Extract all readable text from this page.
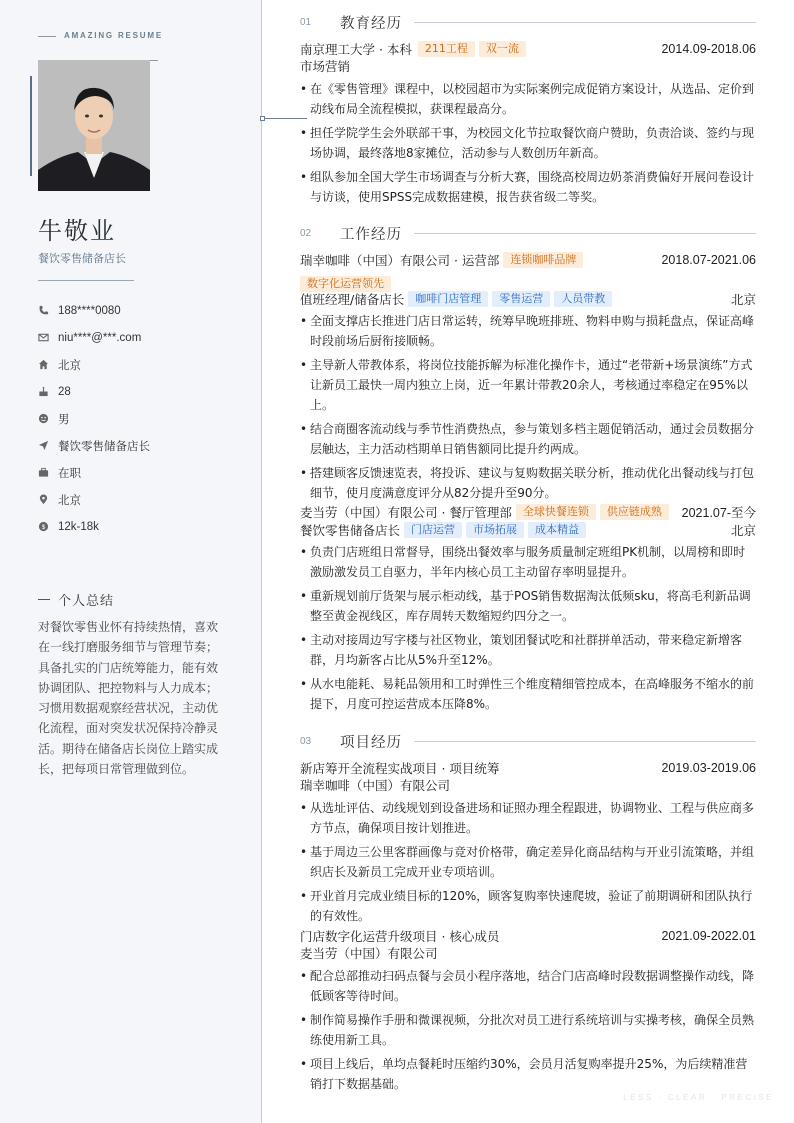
AMAZING RESUME
牛敬业
餐饮零售储备店长
188****0080
niu****@***.com
北京
28
男
餐饮零售储备店长
在职
北京
$ 12k-18k
个人总结
对餐饮零售业怀有持续热情，喜欢在一线打磨服务细节与管理节奏；具备扎实的门店统筹能力，能有效协调团队、把控物料与人力成本；习惯用数据观察经营状况，主动优化流程，面对突发状况保持冷静灵活。期待在储备店长岗位上踏实成长，把每项日常管理做到位。
01	教育经历
南京理工大学 · 本科	211工程	双一流	2014.09-2018.06
市场营销
• 在《零售管理》课程中，以校园超市为实际案例完成促销方案设计，从选品、定价到动线布局全流程模拟，获课程最高分。
• 担任学院学生会外联部干事，为校园文化节拉取餐饮商户赞助，负责洽谈、签约与现场协调，最终落地8家摊位，活动参与人数创历年新高。
• 组队参加全国大学生市场调查与分析大赛，围绕高校周边奶茶消费偏好开展问卷设计与访谈，使用SPSS完成数据建模，报告获省级二等奖。
02	工作经历
瑞幸咖啡（中国）有限公司 · 运营部	连锁咖啡品牌	2018.07-2021.06
数字化运营领先
值班经理/储备店长	咖啡门店管理	零售运营	人员带教	北京
• 全面支撑店长推进门店日常运转，统筹早晚班排班、物料申购与损耗盘点，保证高峰时段前场后厨衔接顺畅。
• 主导新人带教体系，将岗位技能拆解为标准化操作卡，通过“老带新+场景演练”方式让新员工最快一周内独立上岗，近一年累计带教20余人，考核通过率稳定在95%以上。
• 结合商圈客流动线与季节性消费热点，参与策划多档主题促销活动，通过会员数据分层触达，主力活动档期单日销售额同比提升约两成。
• 搭建顾客反馈速览表，将投诉、建议与复购数据关联分析，推动优化出餐动线与打包细节，使月度满意度评分从82分提升至90分。
麦当劳（中国）有限公司 · 餐厅管理部	全球快餐连锁	供应链成熟	2021.07-至今
餐饮零售储备店长	门店运营	市场拓展	成本精益	北京
• 负责门店班组日常督导，围绕出餐效率与服务质量制定班组PK机制，以周榜和即时激励激发员工自驱力，半年内核心员工主动留存率明显提升。
• 重新规划前厅货架与展示柜动线，基于POS销售数据淘汰低频sku，将高毛利新品调整至黄金视线区，库存周转天数缩短约四分之一。
• 主动对接周边写字楼与社区物业，策划团餐试吃和社群拼单活动，带来稳定新增客群，月均新客占比从5%升至12%。
• 从水电能耗、易耗品领用和工时弹性三个维度精细管控成本，在高峰服务不缩水的前提下，月度可控运营成本压降8%。
03	项目经历
新店筹开全流程实战项目 · 项目统筹	2019.03-2019.06
瑞幸咖啡（中国）有限公司
• 从选址评估、动线规划到设备进场和证照办理全程跟进，协调物业、工程与供应商多方节点，确保项目按计划推进。
• 基于周边三公里客群画像与竞对价格带，确定差异化商品结构与开业引流策略，并组织店长及新员工完成开业专项培训。
• 开业首月完成业绩目标的120%，顾客复购率快速爬坡，验证了前期调研和团队执行的有效性。
门店数字化运营升级项目 · 核心成员	2021.09-2022.01
麦当劳（中国）有限公司
• 配合总部推动扫码点餐与会员小程序落地，结合门店高峰时段数据调整操作动线，降低顾客等待时间。
• 制作简易操作手册和微课视频，分批次对员工进行系统培训与实操考核，确保全员熟练使用新工具。
• 项目上线后，单均点餐耗时压缩约30%，会员月活复购率提升25%，为后续精准营销打下数据基础。
LESS · CLEAR · PRECISE
